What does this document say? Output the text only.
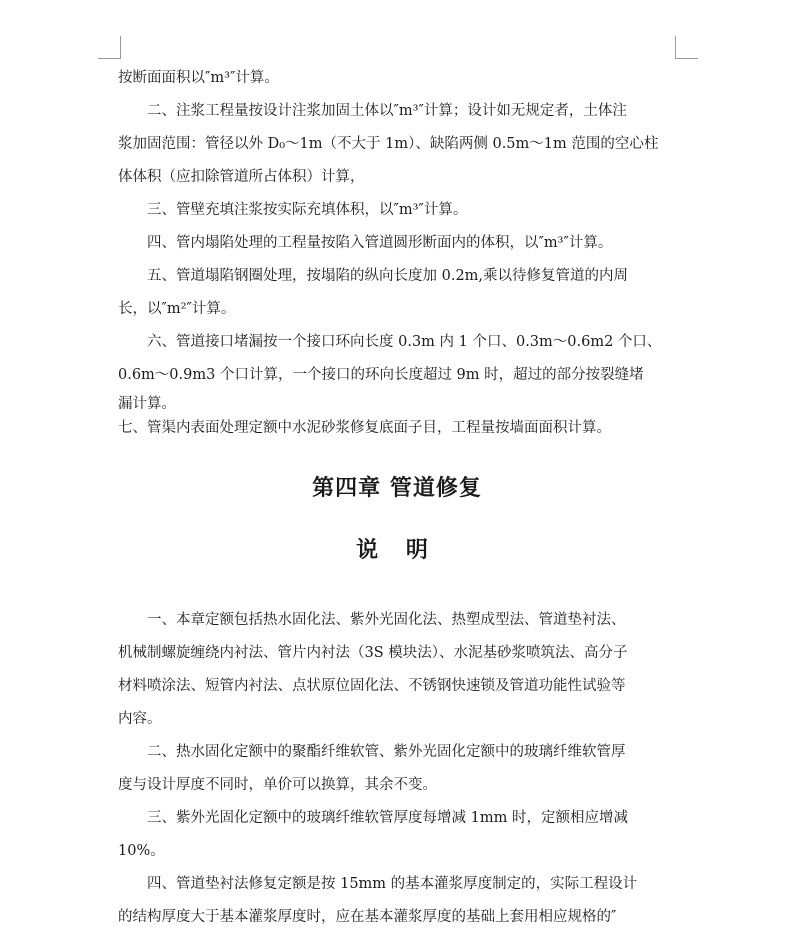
按断面面积以″m³″计算。

二、注浆工程量按设计注浆加固土体以″m³″计算；设计如无规定者，土体注

浆加固范围：管径以外 D₀～1m（不大于 1m）、缺陷两侧 0.5m～1m 范围的空心柱

体体积（应扣除管道所占体积）计算，

三、管壁充填注浆按实际充填体积，以″m³″计算。

四、管内塌陷处理的工程量按陷入管道圆形断面内的体积，以″m³″计算。

五、管道塌陷钢圈处理，按塌陷的纵向长度加 0.2m,乘以待修复管道的内周

长，以″m²″计算。

六、管道接口堵漏按一个接口环向长度 0.3m 内 1 个口、0.3m～0.6m2 个口、

0.6m～0.9m3 个口计算，一个接口的环向长度超过 9m 时，超过的部分按裂缝堵

漏计算。

七、管渠内表面处理定额中水泥砂浆修复底面子目，工程量按墙面面积计算。

第四章 管道修复
说 明

一、本章定额包括热水固化法、紫外光固化法、热塑成型法、管道垫衬法、

机械制螺旋缠绕内衬法、管片内衬法（3S 模块法）、水泥基砂浆喷筑法、高分子

材料喷涂法、短管内衬法、点状原位固化法、不锈钢快速锁及管道功能性试验等

内容。

二、热水固化定额中的聚酯纤维软管、紫外光固化定额中的玻璃纤维软管厚

度与设计厚度不同时，单价可以换算，其余不变。

三、紫外光固化定额中的玻璃纤维软管厚度每增减 1mm 时，定额相应增减

10%。

四、管道垫衬法修复定额是按 15mm 的基本灌浆厚度制定的，实际工程设计

的结构厚度大于基本灌浆厚度时，应在基本灌浆厚度的基础上套用相应规格的″
